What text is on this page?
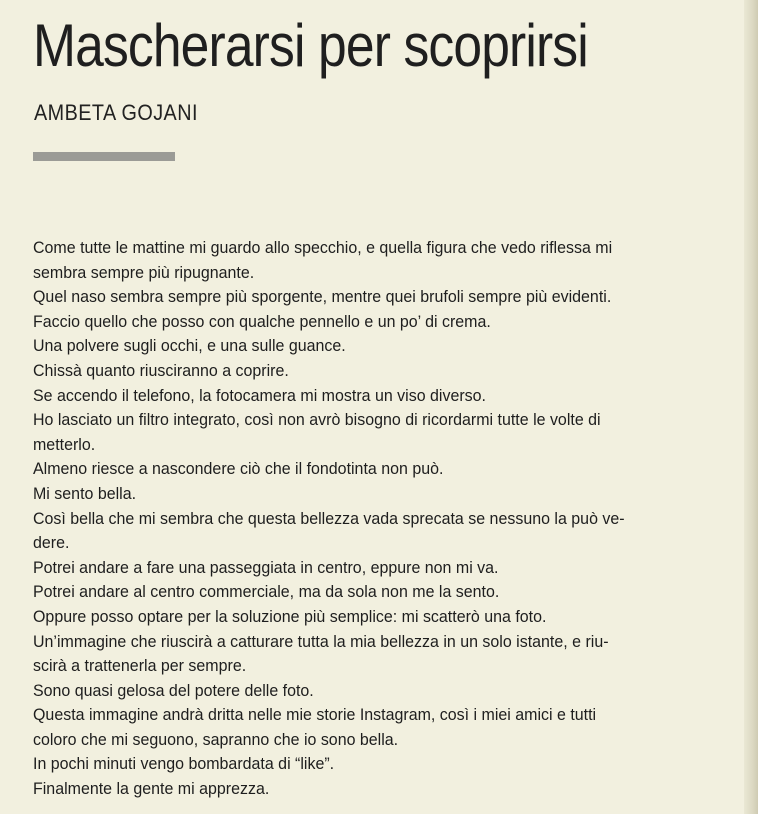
Mascherarsi per scoprirsi
AMBETA GOJANI
Come tutte le mattine mi guardo allo specchio, e quella figura che vedo riflessa mi
sembra sempre più ripugnante.
Quel naso sembra sempre più sporgente, mentre quei brufoli sempre più evidenti.
Faccio quello che posso con qualche pennello e un po’ di crema.
Una polvere sugli occhi, e una sulle guance.
Chissà quanto riusciranno a coprire.
Se accendo il telefono, la fotocamera mi mostra un viso diverso.
Ho lasciato un filtro integrato, così non avrò bisogno di ricordarmi tutte le volte di
metterlo.
Almeno riesce a nascondere ciò che il fondotinta non può.
Mi sento bella.
Così bella che mi sembra che questa bellezza vada sprecata se nessuno la può ve-
dere.
Potrei andare a fare una passeggiata in centro, eppure non mi va.
Potrei andare al centro commerciale, ma da sola non me la sento.
Oppure posso optare per la soluzione più semplice: mi scatterò una foto.
Un’immagine che riuscirà a catturare tutta la mia bellezza in un solo istante, e riu-
scirà a trattenerla per sempre.
Sono quasi gelosa del potere delle foto.
Questa immagine andrà dritta nelle mie storie Instagram, così i miei amici e tutti
coloro che mi seguono, sapranno che io sono bella.
In pochi minuti vengo bombardata di “like”.
Finalmente la gente mi apprezza.
